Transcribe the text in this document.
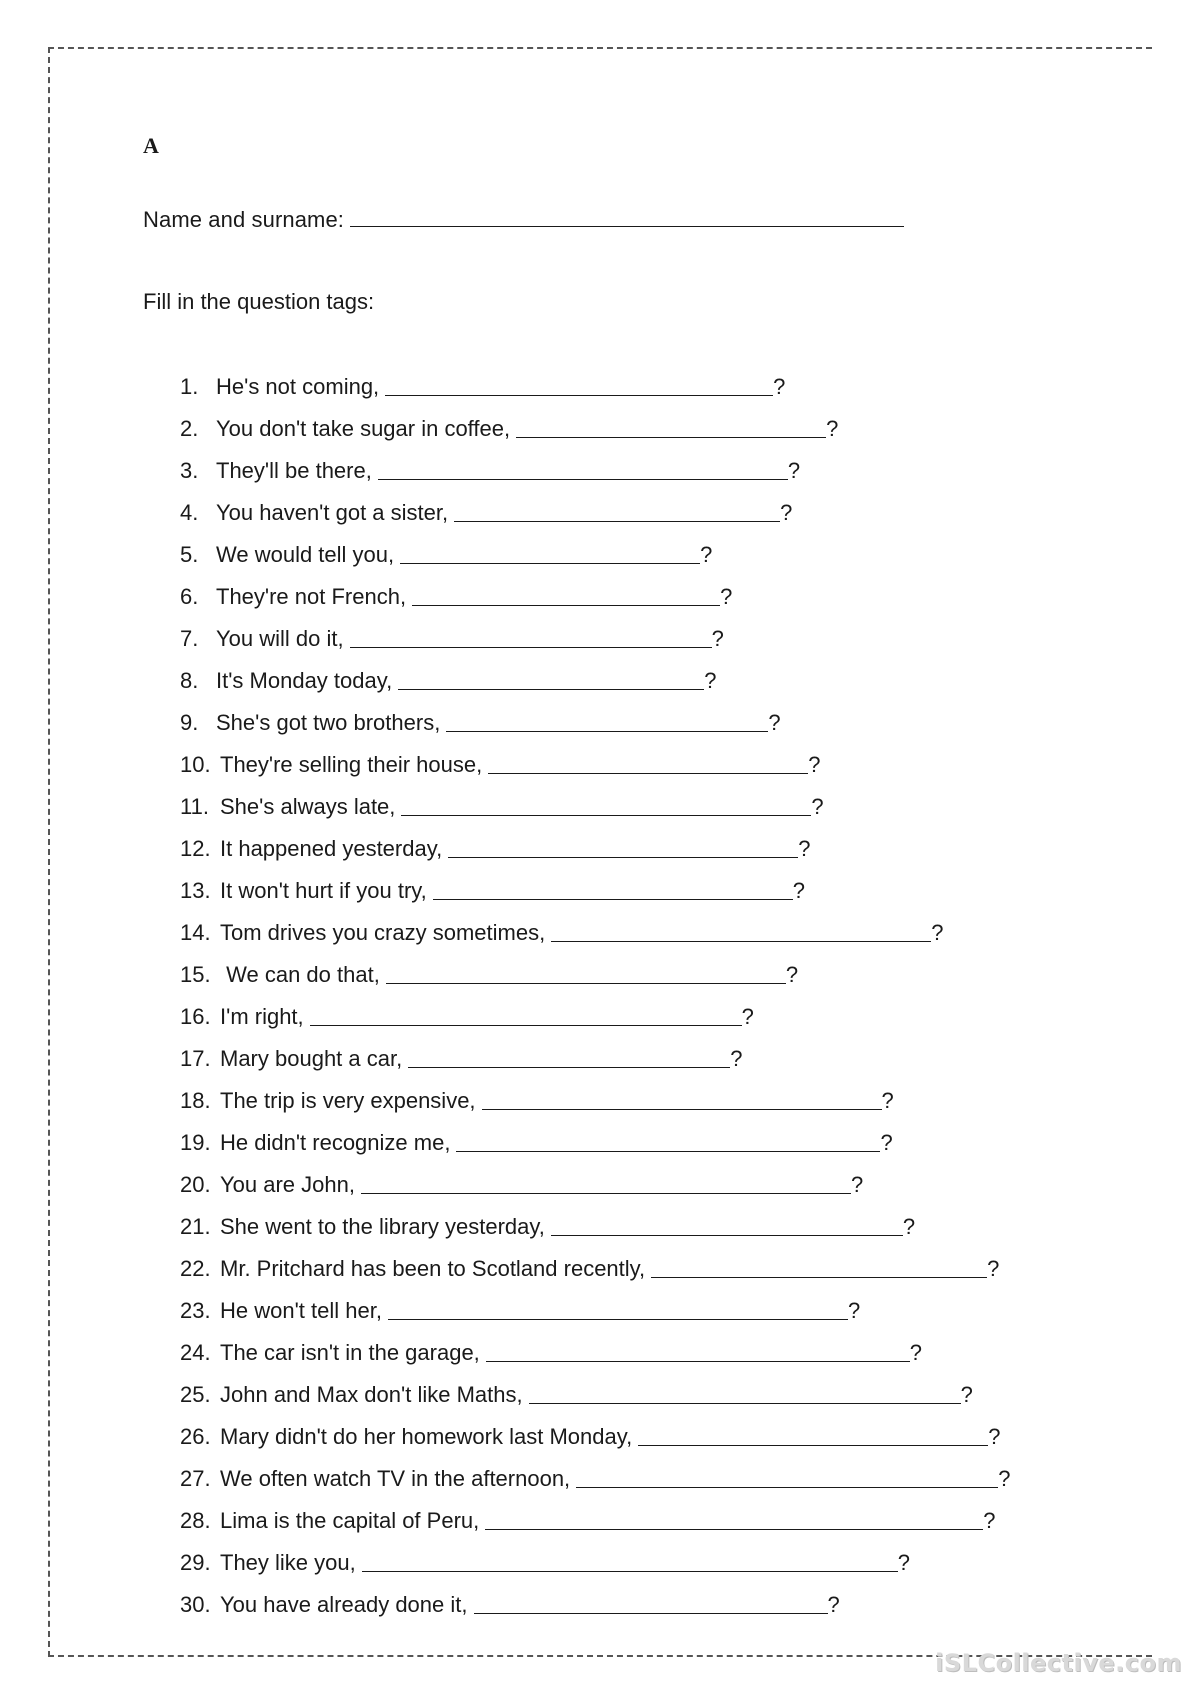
A
Name and surname:
Fill in the question tags:
1. He's not coming,	?
2. You don't take sugar in coffee,	?
3. They'll be there,	?
4. You haven't got a sister,	?
5. We would tell you,	?
6. They're not French,	?
7. You will do it,	?
8. It's Monday today,	?
9. She's got two brothers,	?
10. They're selling their house,	?
11. She's always late,	?
12. It happened yesterday,	?
13. It won't hurt if you try,	?
14. Tom drives you crazy sometimes,	?
15. We can do that,	?
16. I'm right,	?
17. Mary bought a car,	?
18. The trip is very expensive,	?
19. He didn't recognize me,	?
20. You are John,	?
21. She went to the library yesterday,	?
22. Mr. Pritchard has been to Scotland recently,	?
23. He won't tell her,	?
24. The car isn't in the garage,	?
25. John and Max don't like Maths,	?
26. Mary didn't do her homework last Monday,	?
27. We often watch TV in the afternoon,	?
28. Lima is the capital of Peru,	?
29. They like you,	?
30. You have already done it,	?
iSLCollective.com
